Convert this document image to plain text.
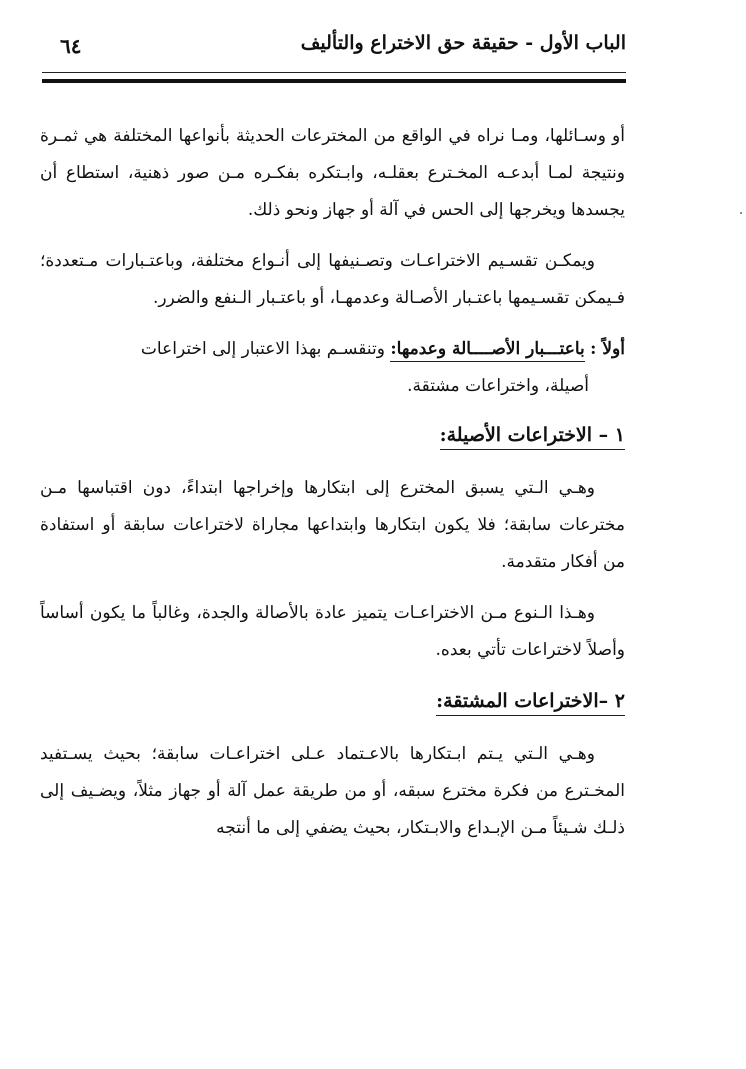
الباب الأول - حقيقة حق الاختراع والتأليف
٦٤

أو وسـائلها، ومـا نراه في الواقع من المخترعات الحديثة بأنواعها المختلفة هي ثمـرة ونتيجة لمـا أبدعـه المخـترع بعقلـه، وابـتكره بفكـره مـن صور ذهنية، استطاع أن يجسدها ويخرجها إلى الحس في آلة أو جهاز ونحو ذلك.

ويمكـن تقسـيم الاختراعـات وتصـنيفها إلى أنـواع مختلفة، وباعتـبارات مـتعددة؛ فـيمكن تقسـيمها باعتـبار الأصـالة وعدمهـا، أو باعتـبار الـنفع والضرر.

أولاً : باعتـــبار الأصــــالة وعدمها: وتنقسـم بهذا الاعتبار إلى اختراعات
أصيلة، واختراعات مشتقة.
١ – الاختراعات الأصيلة:

وهـي الـتي يسبق المخترع إلى ابتكارها وإخراجها ابتداءً، دون اقتباسها مـن مخترعات سابقة؛ فلا يكون ابتكارها وابتداعها مجاراة لاختراعات سابقة أو استفادة من أفكار متقدمة.

وهـذا الـنوع مـن الاختراعـات يتميز عادة بالأصالة والجدة، وغالباً ما يكون أساساً وأصلاً لاختراعات تأتي بعده.

٢ –الاختراعات المشتقة:

وهـي الـتي يـتم ابـتكارها بالاعـتماد عـلى اختراعـات سابقة؛ بحيث يسـتفيد المخـترع من فكرة مخترع سبقه، أو من طريقة عمل آلة أو جهاز مثلاً، ويضـيف إلى ذلـك شـيئاً مـن الإبـداع والابـتكار، بحيث يضفي إلى ما أنتجه
